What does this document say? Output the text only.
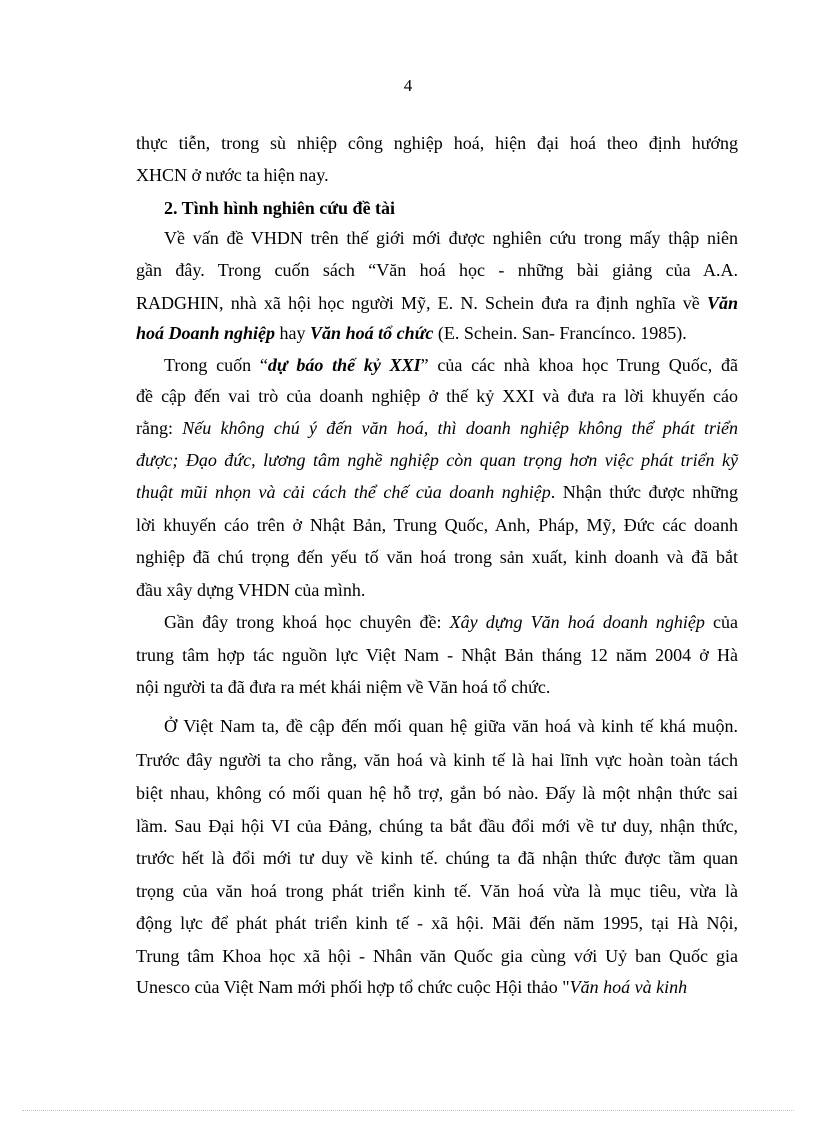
4
thực tiễn, trong sù nhiệp công nghiệp hoá, hiện đại hoá theo định hướng
XHCN ở nước ta hiện nay.
2. Tình hình nghiên cứu đề tài
Về vấn đề VHDN trên thế giới mới được nghiên cứu trong mấy thập niên
gần đây. Trong cuốn sách “Văn hoá học - những bài giảng của A.A.
RADGHIN, nhà xã hội học người Mỹ, E. N. Schein đưa ra định nghĩa về Văn
hoá Doanh nghiệp hay Văn hoá tổ chức (E. Schein. San- Francínco. 1985).
Trong cuốn “dự báo thế kỷ XXI” của các nhà khoa học Trung Quốc, đã
đề cập đến vai trò của doanh nghiệp ở thế kỷ XXI và đưa ra lời khuyến cáo
rằng: Nếu không chú ý đến văn hoá, thì doanh nghiệp không thể phát triển
được; Đạo đức, lương tâm nghề nghiệp còn quan trọng hơn việc phát triển kỹ
thuật mũi nhọn và cải cách thể chế của doanh nghiệp. Nhận thức được những
lời khuyến cáo trên ở Nhật Bản, Trung Quốc, Anh, Pháp, Mỹ, Đức các doanh
nghiệp đã chú trọng đến yếu tố văn hoá trong sản xuất, kinh doanh và đã bắt
đầu xây dựng VHDN của mình.
Gần đây trong khoá học chuyên đề: Xây dựng Văn hoá doanh nghiệp của
trung tâm hợp tác nguồn lực Việt Nam - Nhật Bản tháng 12 năm 2004 ở Hà
nội người ta đã đưa ra mét khái niệm về Văn hoá tổ chức.
Ở Việt Nam ta, đề cập đến mối quan hệ giữa văn hoá và kinh tế khá muộn.
Trước đây người ta cho rằng, văn hoá và kinh tế là hai lĩnh vực hoàn toàn tách
biệt nhau, không có mối quan hệ hỗ trợ, gắn bó nào. Đấy là một nhận thức sai
lầm. Sau Đại hội VI của Đảng, chúng ta bắt đầu đổi mới về tư duy, nhận thức,
trước hết là đổi mới tư duy về kinh tế. chúng ta đã nhận thức được tầm quan
trọng của văn hoá trong phát triển kinh tế. Văn hoá vừa là mục tiêu, vừa là
động lực để phát phát triển kinh tế - xã hội. Mãi đến năm 1995, tại Hà Nội,
Trung tâm Khoa học xã hội - Nhân văn Quốc gia cùng với Uỷ ban Quốc gia
Unesco của Việt Nam mới phối hợp tổ chức cuộc Hội thảo "Văn hoá và kinh
